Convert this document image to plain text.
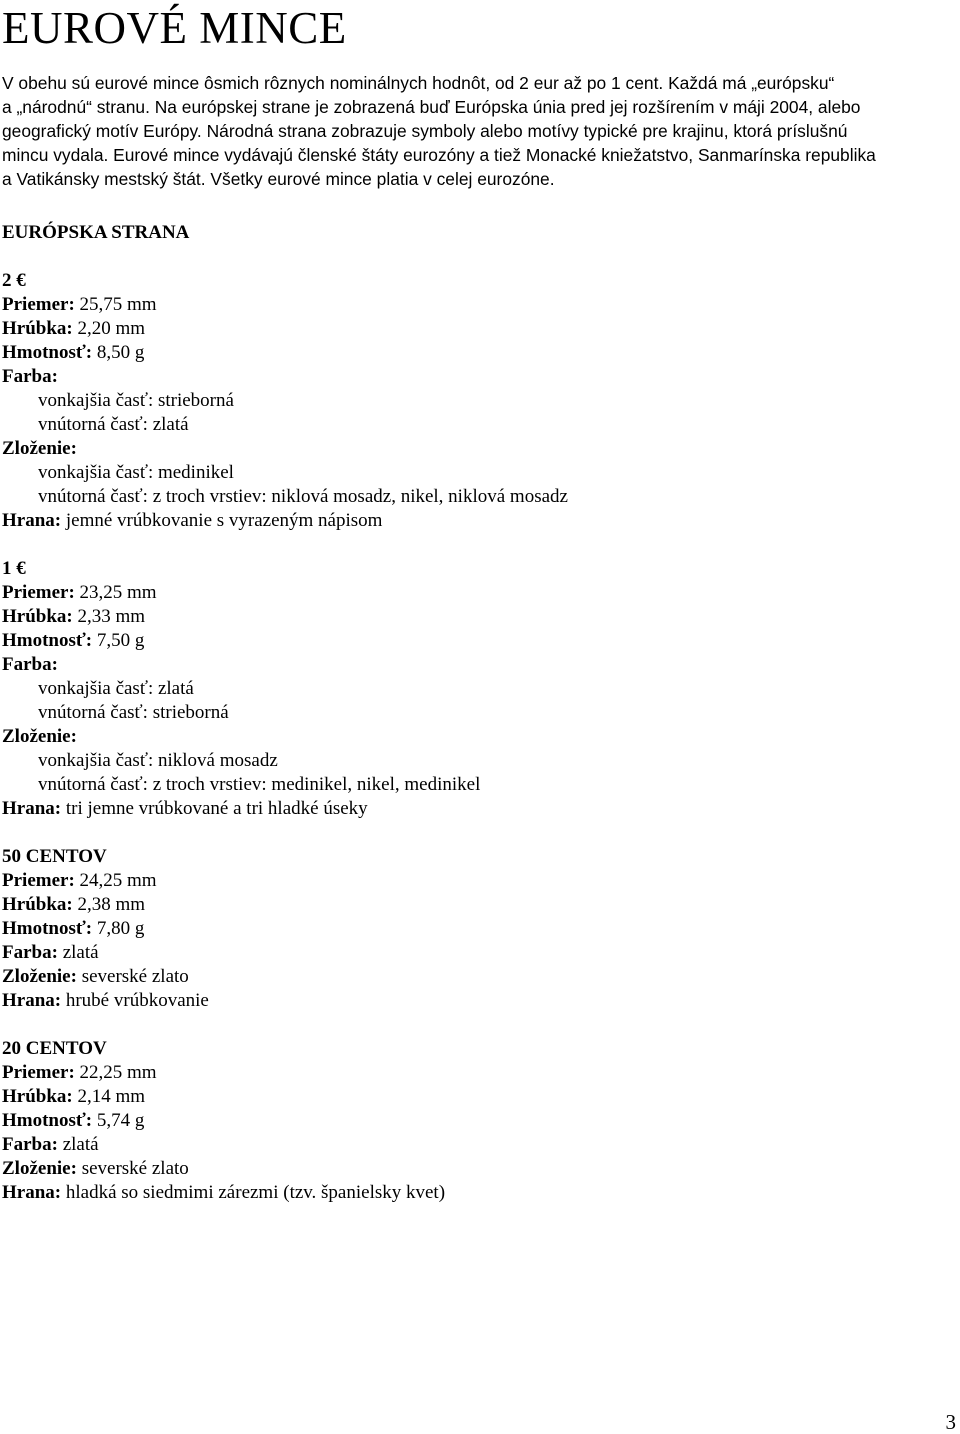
EUROVÉ MINCE
V obehu sú eurové mince ôsmich rôznych nominálnych hodnôt, od 2 eur až po 1 cent. Každá má „európsku“
a „národnú“ stranu. Na európskej strane je zobrazená buď Európska únia pred jej rozšírením v máji 2004, alebo
geografický motív Európy. Národná strana zobrazuje symboly alebo motívy typické pre krajinu, ktorá príslušnú
mincu vydala. Eurové mince vydávajú členské štáty eurozóny a tiež Monacké kniežatstvo, Sanmarínska republika
a Vatikánsky mestský štát. Všetky eurové mince platia v celej eurozóne.
EURÓPSKA STRANA
2 €
Priemer: 25,75 mm
Hrúbka: 2,20 mm
Hmotnosť: 8,50 g
Farba:
vonkajšia časť: strieborná
vnútorná časť: zlatá
Zloženie:
vonkajšia časť: medinikel
vnútorná časť: z troch vrstiev: niklová mosadz, nikel, niklová mosadz
Hrana: jemné vrúbkovanie s vyrazeným nápisom
1 €
Priemer: 23,25 mm
Hrúbka: 2,33 mm
Hmotnosť: 7,50 g
Farba:
vonkajšia časť: zlatá
vnútorná časť: strieborná
Zloženie:
vonkajšia časť: niklová mosadz
vnútorná časť: z troch vrstiev: medinikel, nikel, medinikel
Hrana: tri jemne vrúbkované a tri hladké úseky
50 CENTOV
Priemer: 24,25 mm
Hrúbka: 2,38 mm
Hmotnosť: 7,80 g
Farba: zlatá
Zloženie: severské zlato
Hrana: hrubé vrúbkovanie
20 CENTOV
Priemer: 22,25 mm
Hrúbka: 2,14 mm
Hmotnosť: 5,74 g
Farba: zlatá
Zloženie: severské zlato
Hrana: hladká so siedmimi zárezmi (tzv. španielsky kvet)
3
